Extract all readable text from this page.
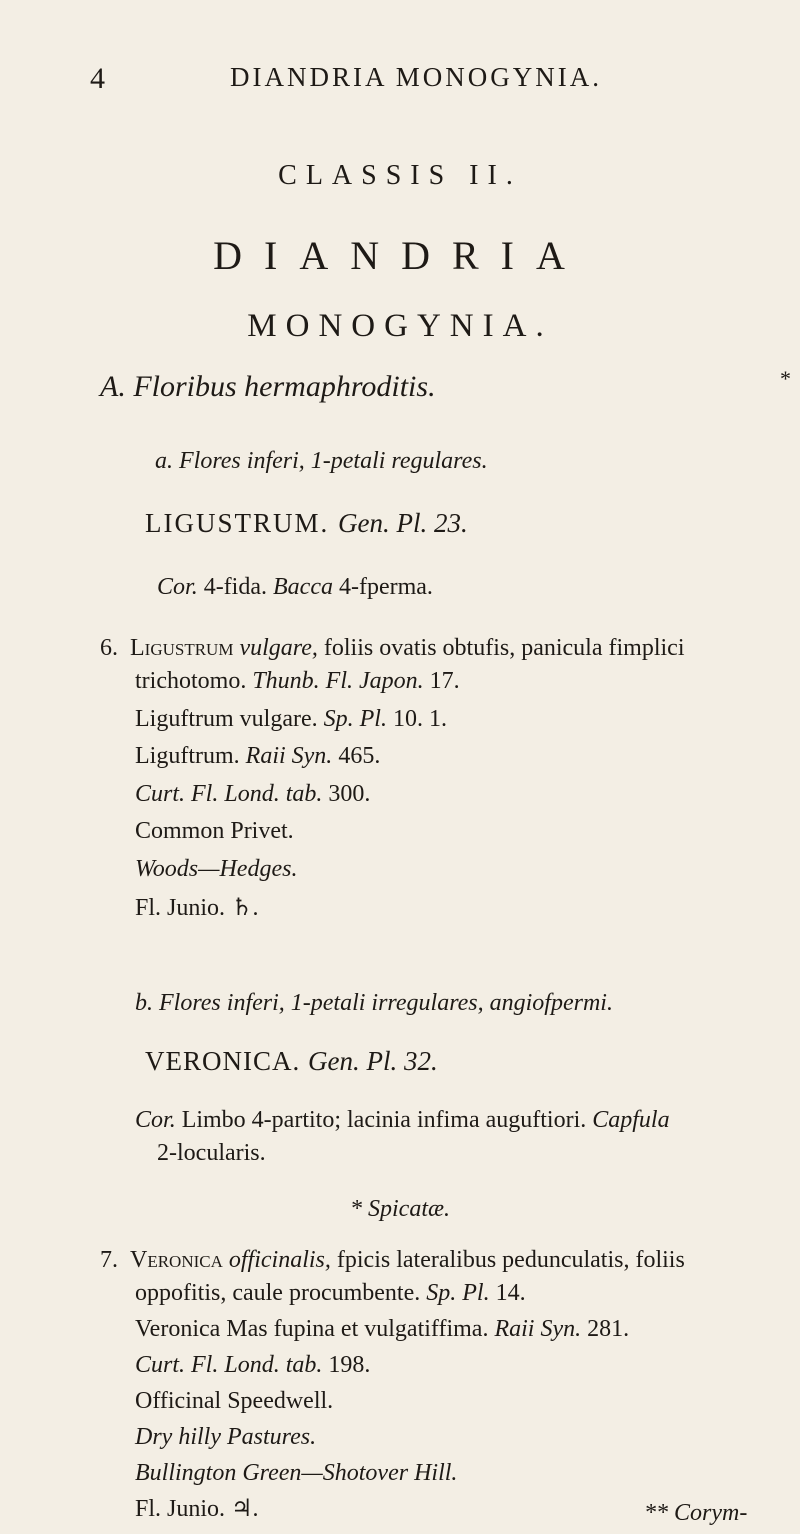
4	DIANDRIA MONOGYNIA.
CLASSIS II.
DIANDRIA
MONOGYNIA.
A. Floribus hermaphroditis.	*
a. Flores inferi, 1-petali regulares.
LIGUSTRUM. Gen. Pl. 23.
Cor. 4-fida. Bacca 4-fperma.
6. Ligustrum vulgare, foliis ovatis obtufis, panicula fimplici
trichotomo. Thunb. Fl. Japon. 17.
Liguftrum vulgare. Sp. Pl. 10. 1.
Liguftrum. Raii Syn. 465.
Curt. Fl. Lond. tab. 300.
Common Privet.
Woods—Hedges.
Fl. Junio. ♄.
b. Flores inferi, 1-petali irregulares, angiofpermi.
VERONICA. Gen. Pl. 32.
Cor. Limbo 4-partito; lacinia infima auguftiori. Capfula
2-locularis.
* Spicatæ.
7. Veronica officinalis, fpicis lateralibus pedunculatis, foliis
oppofitis, caule procumbente. Sp. Pl. 14.
Veronica Mas fupina et vulgatiffima. Raii Syn. 281.
Curt. Fl. Lond. tab. 198.
Officinal Speedwell.
Dry hilly Pastures.
Bullington Green—Shotover Hill.
Fl. Junio. ♃.	** Corym-
